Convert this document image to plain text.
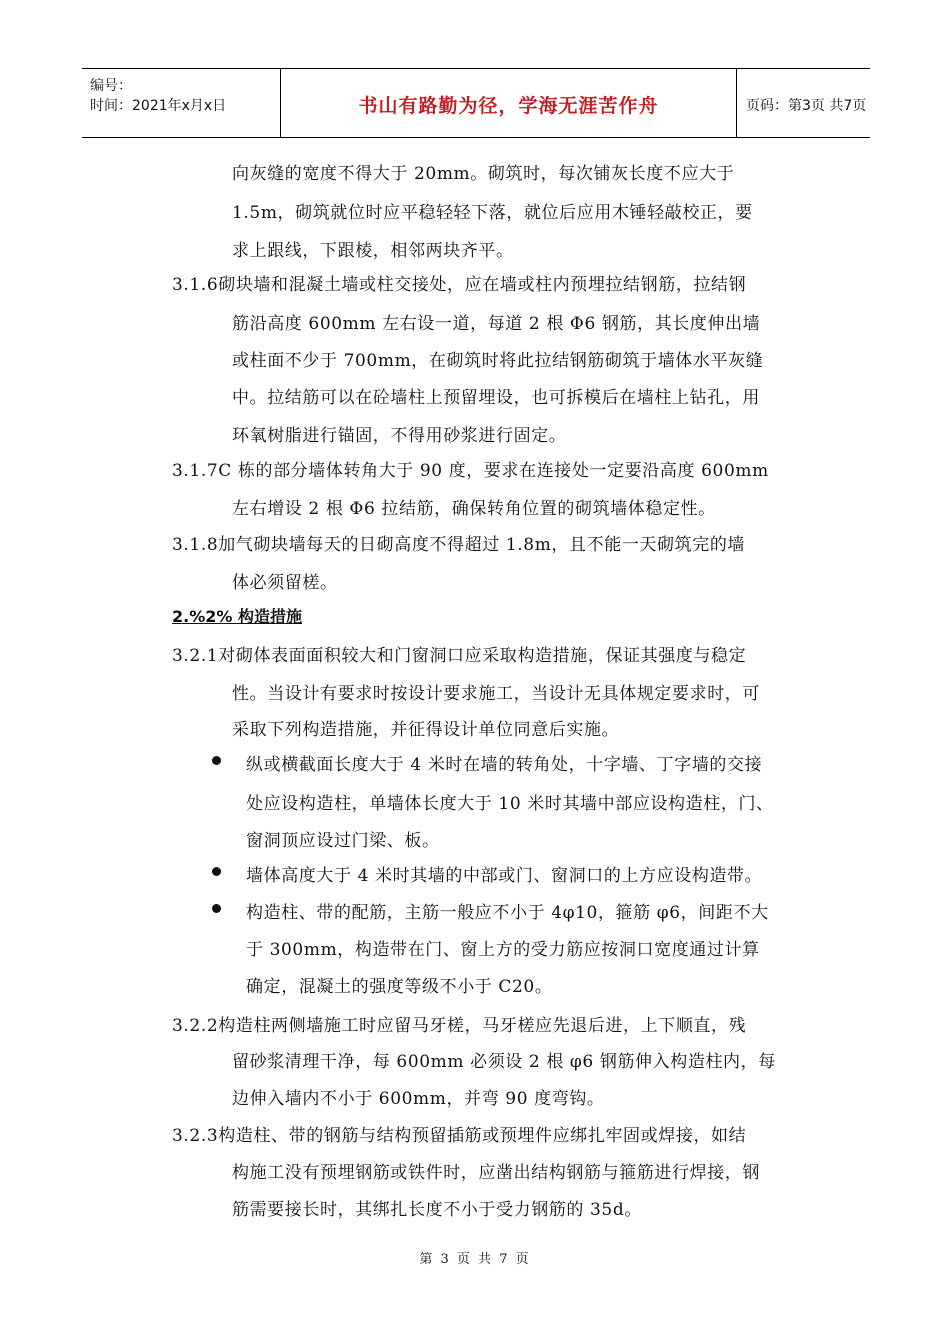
编号：
时间：2021年x月x日	书山有路勤为径，学海无涯苦作舟	页码：第3页 共7页
向灰缝的宽度不得大于 20mm。砌筑时，每次铺灰长度不应大于
1.5m，砌筑就位时应平稳轻轻下落，就位后应用木锤轻敲校正，要
求上跟线，下跟棱，相邻两块齐平。
3.1.6砌块墙和混凝土墙或柱交接处，应在墙或柱内预埋拉结钢筋，拉结钢
筋沿高度 600mm 左右设一道，每道 2 根 Φ6 钢筋，其长度伸出墙
或柱面不少于 700mm，在砌筑时将此拉结钢筋砌筑于墙体水平灰缝
中。拉结筋可以在砼墙柱上预留埋设，也可拆模后在墙柱上钻孔，用
环氧树脂进行锚固，不得用砂浆进行固定。
3.1.7C 栋的部分墙体转角大于 90 度，要求在连接处一定要沿高度 600mm
左右增设 2 根 Φ6 拉结筋，确保转角位置的砌筑墙体稳定性。
3.1.8加气砌块墙每天的日砌高度不得超过 1.8m，且不能一天砌筑完的墙
体必须留槎。
2.%2% 构造措施
3.2.1对砌体表面面积较大和门窗洞口应采取构造措施，保证其强度与稳定
性。当设计有要求时按设计要求施工，当设计无具体规定要求时，可
采取下列构造措施，并征得设计单位同意后实施。
纵或横截面长度大于 4 米时在墙的转角处，十字墙、丁字墙的交接
处应设构造柱，单墙体长度大于 10 米时其墙中部应设构造柱，门、
窗洞顶应设过门梁、板。
墙体高度大于 4 米时其墙的中部或门、窗洞口的上方应设构造带。
构造柱、带的配筋，主筋一般应不小于 4φ10，箍筋 φ6，间距不大
于 300mm，构造带在门、窗上方的受力筋应按洞口宽度通过计算
确定，混凝土的强度等级不小于 C20。
3.2.2构造柱两侧墙施工时应留马牙槎，马牙槎应先退后进，上下顺直，残
留砂浆清理干净，每 600mm 必须设 2 根 φ6 钢筋伸入构造柱内，每
边伸入墙内不小于 600mm，并弯 90 度弯钩。
3.2.3构造柱、带的钢筋与结构预留插筋或预埋件应绑扎牢固或焊接，如结
构施工没有预埋钢筋或铁件时，应凿出结构钢筋与箍筋进行焊接，钢
筋需要接长时，其绑扎长度不小于受力钢筋的 35d。
第 3 页 共 7 页
